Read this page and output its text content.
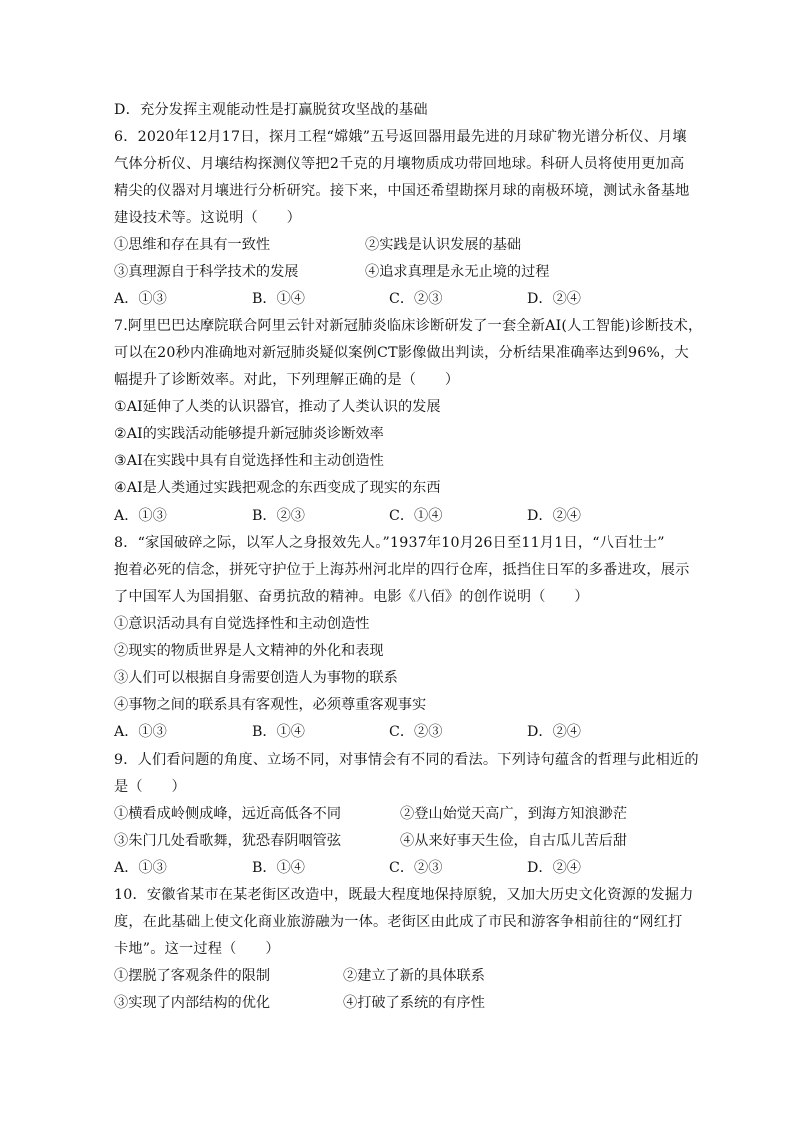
D．充分发挥主观能动性是打赢脱贫攻坚战的基础
6．2020年12月17日，探月工程“嫦娥”五号返回器用最先进的月球矿物光谱分析仪、月壤
气体分析仪、月壤结构探测仪等把2千克的月壤物质成功带回地球。科研人员将使用更加高
精尖的仪器对月壤进行分析研究。接下来，中国还希望勘探月球的南极环境，测试永备基地
建设技术等。这说明（　　）
①思维和存在具有一致性	②实践是认识发展的基础
③真理源自于科学技术的发展	④追求真理是永无止境的过程
A．①③	B．①④	C．②③	D．②④
7.阿里巴巴达摩院联合阿里云针对新冠肺炎临床诊断研发了一套全新AI(人工智能)诊断技术，
可以在20秒内准确地对新冠肺炎疑似案例CT影像做出判读，分析结果准确率达到96%，大
幅提升了诊断效率。对此，下列理解正确的是（　　）
①AI延伸了人类的认识器官，推动了人类认识的发展
②AI的实践活动能够提升新冠肺炎诊断效率
③AI在实践中具有自觉选择性和主动创造性
④AI是人类通过实践把观念的东西变成了现实的东西
A．①③	B．②③	C．①④	D．②④
8．“家国破碎之际，以军人之身报效先人。”1937年10月26日至11月1日，“八百壮士”
抱着必死的信念，拼死守护位于上海苏州河北岸的四行仓库，抵挡住日军的多番进攻，展示
了中国军人为国捐躯、奋勇抗敌的精神。电影《八佰》的创作说明（　　）
①意识活动具有自觉选择性和主动创造性
②现实的物质世界是人文精神的外化和表现
③人们可以根据自身需要创造人为事物的联系
④事物之间的联系具有客观性，必须尊重客观事实
A．①③	B．①④	C．②③	D．②④
9．人们看问题的角度、立场不同，对事情会有不同的看法。下列诗句蕴含的哲理与此相近的
是（　　）
①横看成岭侧成峰，远近高低各不同	②登山始觉天高广，到海方知浪渺茫
③朱门几处看歌舞，犹恐春阴咽管弦	④从来好事天生俭，自古瓜儿苦后甜
A．①③	B．①④	C．②③	D．②④
10．安徽省某市在某老街区改造中，既最大程度地保持原貌，又加大历史文化资源的发掘力
度，在此基础上使文化商业旅游融为一体。老街区由此成了市民和游客争相前往的“网红打
卡地”。这一过程（　　）
①摆脱了客观条件的限制	②建立了新的具体联系
③实现了内部结构的优化	④打破了系统的有序性
